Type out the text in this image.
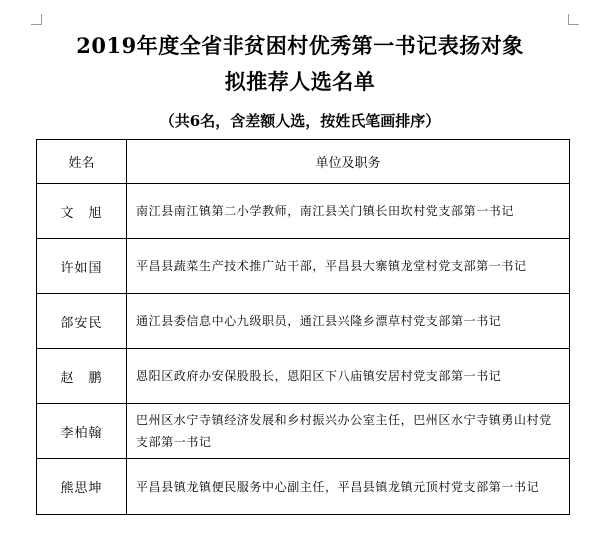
2019年度全省非贫困村优秀第一书记表扬对象
拟推荐人选名单
（共6名，含差额人选，按姓氏笔画排序）
姓名	单位及职务
文　旭	南江县南江镇第二小学教师，南江县关门镇长田坎村党支部第一书记
许如国	平昌县蔬菜生产技术推广站干部，平昌县大寨镇龙堂村党支部第一书记
郃安民	通江县委信息中心九级职员，通江县兴隆乡漂草村党支部第一书记
赵　鹏	恩阳区政府办安保股股长，恩阳区下八庙镇安居村党支部第一书记
李柏翰	巴州区水宁寺镇经济发展和乡村振兴办公室主任，巴州区水宁寺镇勇山村党支部第一书记
熊思坤	平昌县镇龙镇便民服务中心副主任，平昌县镇龙镇元顶村党支部第一书记
